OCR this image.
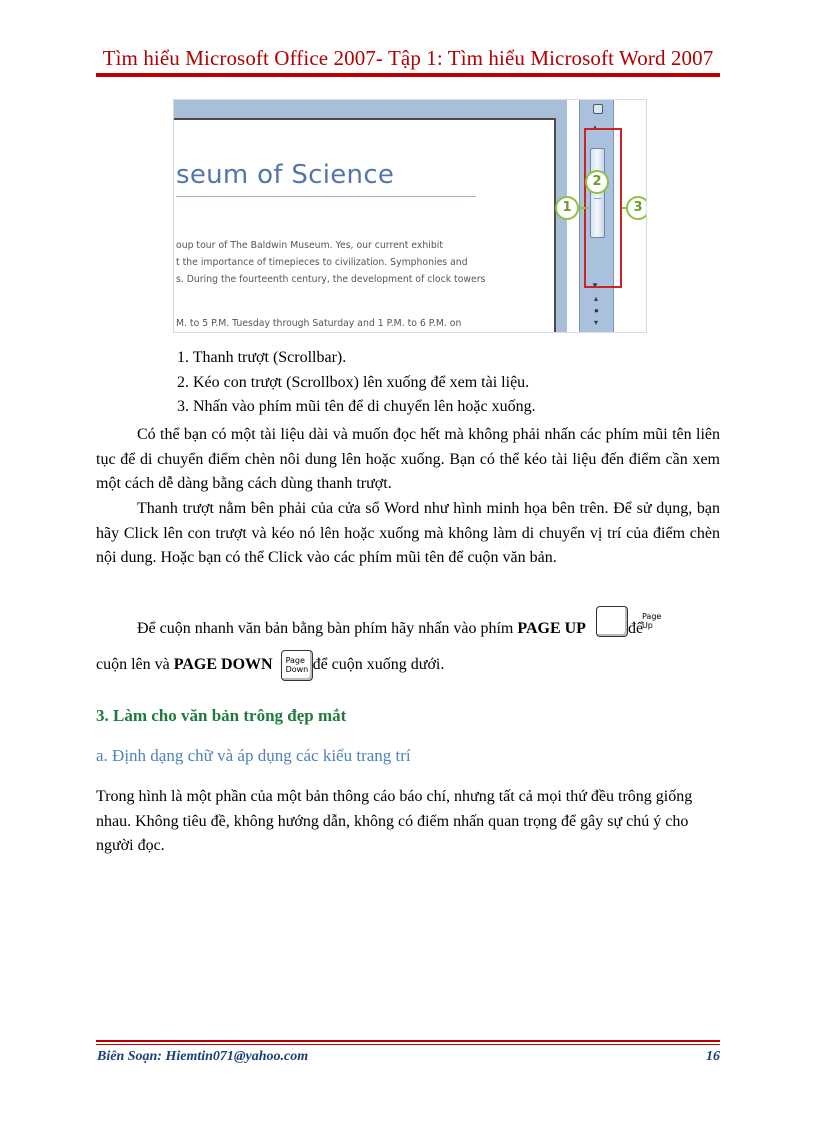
Tìm hiểu Microsoft Office 2007- Tập 1: Tìm hiểu Microsoft Word 2007
seum of Science
oup tour of The Baldwin Museum. Yes, our current exhibit
t the importance of timepieces to civilization. Symphonies and
s. During the fourteenth century, the development of clock towers
M. to 5 P.M. Tuesday through Saturday and 1 P.M. to 6 P.M. on
▲
▼
▴
●
▾
1
2
3
1. Thanh trượt (Scrollbar).
2. Kéo con trượt (Scrollbox) lên xuống để xem tài liệu.
3. Nhấn vào phím mũi tên để di chuyển lên hoặc xuống.

Có thể bạn có một tài liệu dài và muốn đọc hết mà không phải nhấn các phím mũi tên liên tục để di chuyển điểm chèn nôi dung lên hoặc xuống. Bạn có thể kéo tài liệu đến điểm cần xem một cách dễ dàng bằng cách dùng thanh trượt.

Thanh trượt nằm bên phải của cửa sổ Word như hình minh họa bên trên. Để sử dụng, bạn hãy Click lên con trượt và kéo nó lên hoặc xuống mà không làm di chuyển vị trí của điểm chèn nội dung. Hoặc bạn có thể Click vào các phím mũi tên để cuộn văn bản.

Để cuộn nhanh văn bản bằng bàn phím hãy nhấn vào phím PAGE UP
Page
Up
để
cuộn lên và PAGE DOWN Page
Down để cuộn xuống dưới.
3. Làm cho văn bản trông đẹp mắt
a. Định dạng chữ và áp dụng các kiểu trang trí

Trong hình là một phần của một bản thông cáo báo chí, nhưng tất cả mọi thứ đều trông giống nhau. Không tiêu đề, không hướng dẫn, không có điểm nhấn quan trọng để gây sự chú ý cho người đọc.

Biên Soạn: Hiemtin071@yahoo.com	16
